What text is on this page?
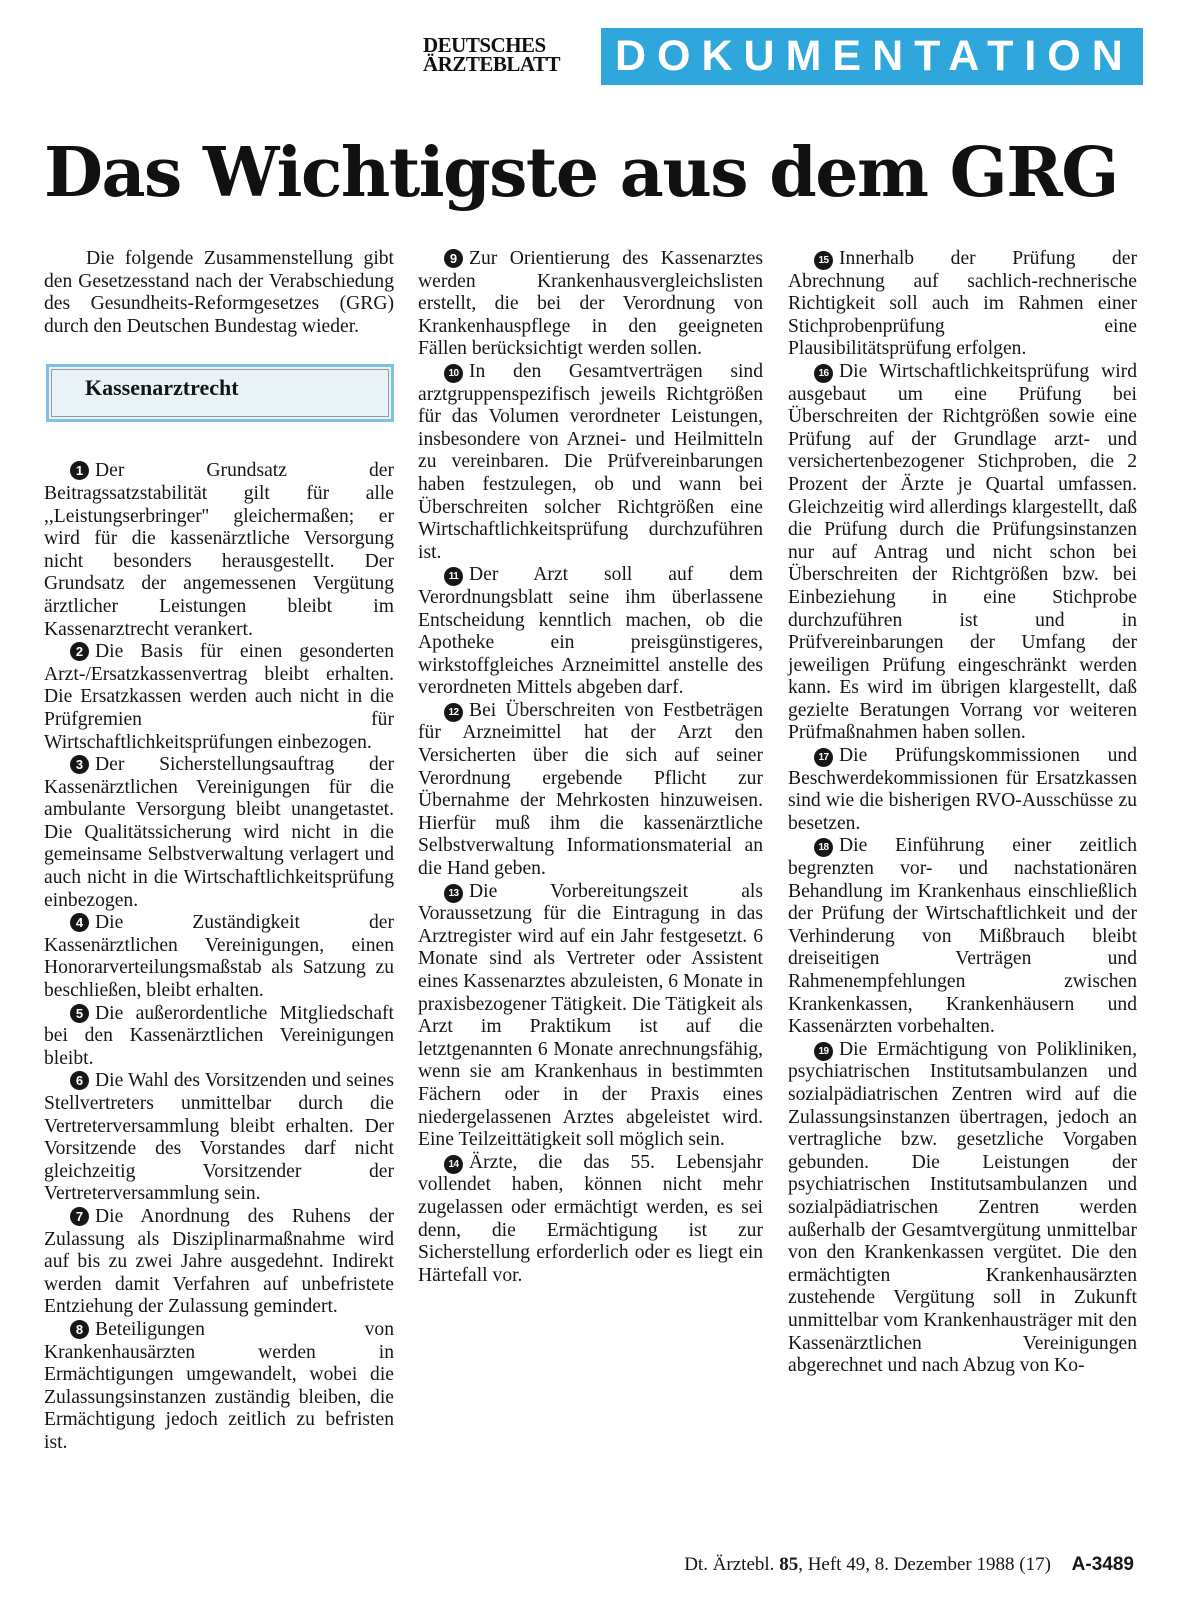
DEUTSCHES
ÄRZTEBLATT	DOKUMENTATION
Das Wichtigste aus dem GRG

Die folgende Zusammenstellung gibt den Gesetzesstand nach der Verabschiedung des Gesundheits-Reformgesetzes (GRG) durch den Deutschen Bundestag wieder.

Kassenarztrecht

1 Der Grundsatz der Beitragssatzstabilität gilt für alle ,,Leistungserbringer'' gleichermaßen; er wird für die kassenärztliche Versorgung nicht besonders herausgestellt. Der Grundsatz der angemessenen Vergütung ärztlicher Leistungen bleibt im Kassenarztrecht verankert.

2 Die Basis für einen gesonderten Arzt-/Ersatzkassenvertrag bleibt erhalten. Die Ersatzkassen werden auch nicht in die Prüfgremien für Wirtschaftlichkeitsprüfungen einbezogen.

3 Der Sicherstellungsauftrag der Kassenärztlichen Vereinigungen für die ambulante Versorgung bleibt unangetastet. Die Qualitätssicherung wird nicht in die gemeinsame Selbstverwaltung verlagert und auch nicht in die Wirtschaftlichkeitsprüfung einbezogen.

4 Die Zuständigkeit der Kassenärztlichen Vereinigungen, einen Honorarverteilungsmaßstab als Satzung zu beschließen, bleibt erhalten.

5 Die außerordentliche Mitgliedschaft bei den Kassenärztlichen Vereinigungen bleibt.

6 Die Wahl des Vorsitzenden und seines Stellvertreters unmittelbar durch die Vertreterversammlung bleibt erhalten. Der Vorsitzende des Vorstandes darf nicht gleichzeitig Vorsitzender der Vertreterversammlung sein.

7 Die Anordnung des Ruhens der Zulassung als Disziplinarmaßnahme wird auf bis zu zwei Jahre ausgedehnt. Indirekt werden damit Verfahren auf unbefristete Entziehung der Zulassung gemindert.

8 Beteiligungen von Krankenhausärzten werden in Ermächtigungen umgewandelt, wobei die Zulassungsinstanzen zuständig bleiben, die Ermächtigung jedoch zeitlich zu befristen ist.

9 Zur Orientierung des Kassenarztes werden Krankenhausvergleichslisten erstellt, die bei der Verordnung von Krankenhauspflege in den geeigneten Fällen berücksichtigt werden sollen.

10 In den Gesamtverträgen sind arztgruppenspezifisch jeweils Richtgrößen für das Volumen verordneter Leistungen, insbesondere von Arznei- und Heilmitteln zu vereinbaren. Die Prüfvereinbarungen haben festzulegen, ob und wann bei Überschreiten solcher Richtgrößen eine Wirtschaftlichkeitsprüfung durchzuführen ist.

11 Der Arzt soll auf dem Verordnungsblatt seine ihm überlassene Entscheidung kenntlich machen, ob die Apotheke ein preisgünstigeres, wirkstoffgleiches Arzneimittel anstelle des verordneten Mittels abgeben darf.

12 Bei Überschreiten von Festbeträgen für Arzneimittel hat der Arzt den Versicherten über die sich auf seiner Verordnung ergebende Pflicht zur Übernahme der Mehrkosten hinzuweisen. Hierfür muß ihm die kassenärztliche Selbstverwaltung Informationsmaterial an die Hand geben.

13 Die Vorbereitungszeit als Voraussetzung für die Eintragung in das Arztregister wird auf ein Jahr festgesetzt. 6 Monate sind als Vertreter oder Assistent eines Kassenarztes abzuleisten, 6 Monate in praxisbezogener Tätigkeit. Die Tätigkeit als Arzt im Praktikum ist auf die letztgenannten 6 Monate anrechnungsfähig, wenn sie am Krankenhaus in bestimmten Fächern oder in der Praxis eines niedergelassenen Arztes abgeleistet wird. Eine Teilzeittätigkeit soll möglich sein.

14 Ärzte, die das 55. Lebensjahr vollendet haben, können nicht mehr zugelassen oder ermächtigt werden, es sei denn, die Ermächtigung ist zur Sicherstellung erforderlich oder es liegt ein Härtefall vor.

15 Innerhalb der Prüfung der Abrechnung auf sachlich-rechnerische Richtigkeit soll auch im Rahmen einer Stichprobenprüfung eine Plausibilitätsprüfung erfolgen.

16 Die Wirtschaftlichkeitsprüfung wird ausgebaut um eine Prüfung bei Überschreiten der Richtgrößen sowie eine Prüfung auf der Grundlage arzt- und versichertenbezogener Stichproben, die 2 Prozent der Ärzte je Quartal umfassen. Gleichzeitig wird allerdings klargestellt, daß die Prüfung durch die Prüfungsinstanzen nur auf Antrag und nicht schon bei Überschreiten der Richtgrößen bzw. bei Einbeziehung in eine Stichprobe durchzuführen ist und in Prüfvereinbarungen der Umfang der jeweiligen Prüfung eingeschränkt werden kann. Es wird im übrigen klargestellt, daß gezielte Beratungen Vorrang vor weiteren Prüfmaßnahmen haben sollen.

17 Die Prüfungskommissionen und Beschwerdekommissionen für Ersatzkassen sind wie die bisherigen RVO-Ausschüsse zu besetzen.

18 Die Einführung einer zeitlich begrenzten vor- und nachstationären Behandlung im Krankenhaus einschließlich der Prüfung der Wirtschaftlichkeit und der Verhinderung von Mißbrauch bleibt dreiseitigen Verträgen und Rahmenempfehlungen zwischen Krankenkassen, Krankenhäusern und Kassenärzten vorbehalten.

19 Die Ermächtigung von Polikliniken, psychiatrischen Institutsambulanzen und sozialpädiatrischen Zentren wird auf die Zulassungsinstanzen übertragen, jedoch an vertragliche bzw. gesetzliche Vorgaben gebunden. Die Leistungen der psychiatrischen Institutsambulanzen und sozialpädiatrischen Zentren werden außerhalb der Gesamtvergütung unmittelbar von den Krankenkassen vergütet. Die den ermächtigten Krankenhausärzten zustehende Vergütung soll in Zukunft unmittelbar vom Krankenhausträger mit den Kassenärztlichen Vereinigungen abgerechnet und nach Abzug von Ko-

Dt. Ärztebl. 85, Heft 49, 8. Dezember 1988 (17) A-3489
